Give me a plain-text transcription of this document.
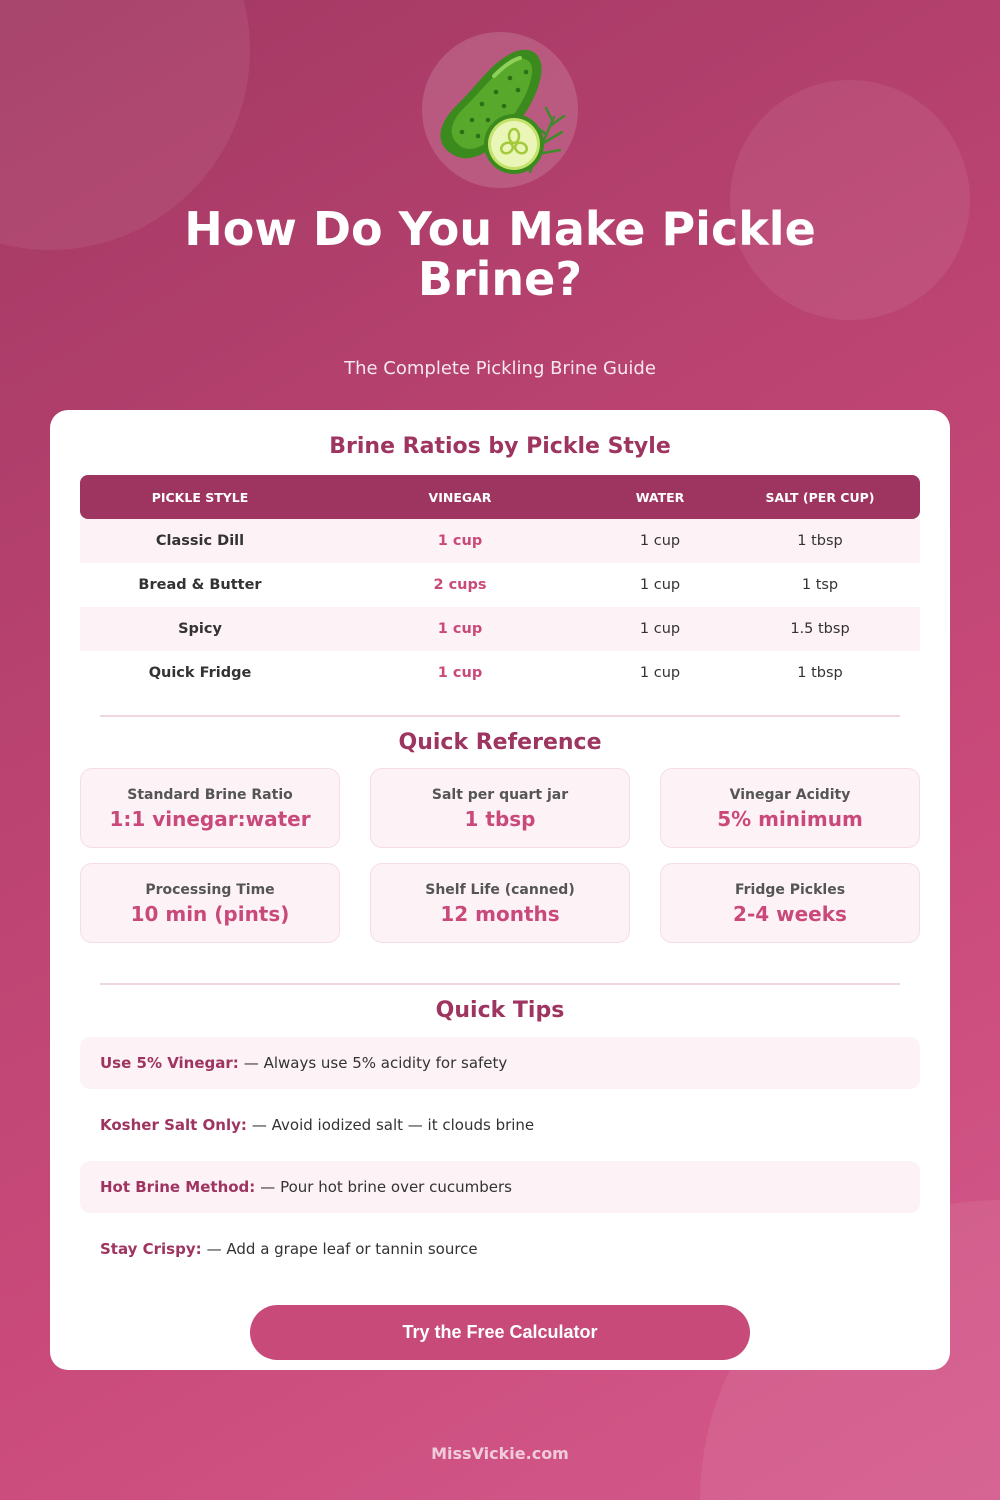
How Do You Make Pickle Brine?
The Complete Pickling Brine Guide
Brine Ratios by Pickle Style
PICKLE STYLE	VINEGAR	WATER	SALT (PER CUP)
Classic Dill	1 cup	1 cup	1 tbsp
Bread & Butter	2 cups	1 cup	1 tsp
Spicy	1 cup	1 cup	1.5 tbsp
Quick Fridge	1 cup	1 cup	1 tbsp
Quick Reference
Standard Brine Ratio
1:1 vinegar:water
Salt per quart jar
1 tbsp
Vinegar Acidity
5% minimum
Processing Time
10 min (pints)
Shelf Life (canned)
12 months
Fridge Pickles
2-4 weeks
Quick Tips
Use 5% Vinegar: — Always use 5% acidity for safety
Kosher Salt Only: — Avoid iodized salt — it clouds brine
Hot Brine Method: — Pour hot brine over cucumbers
Stay Crispy: — Add a grape leaf or tannin source
Try the Free Calculator
MissVickie.com
